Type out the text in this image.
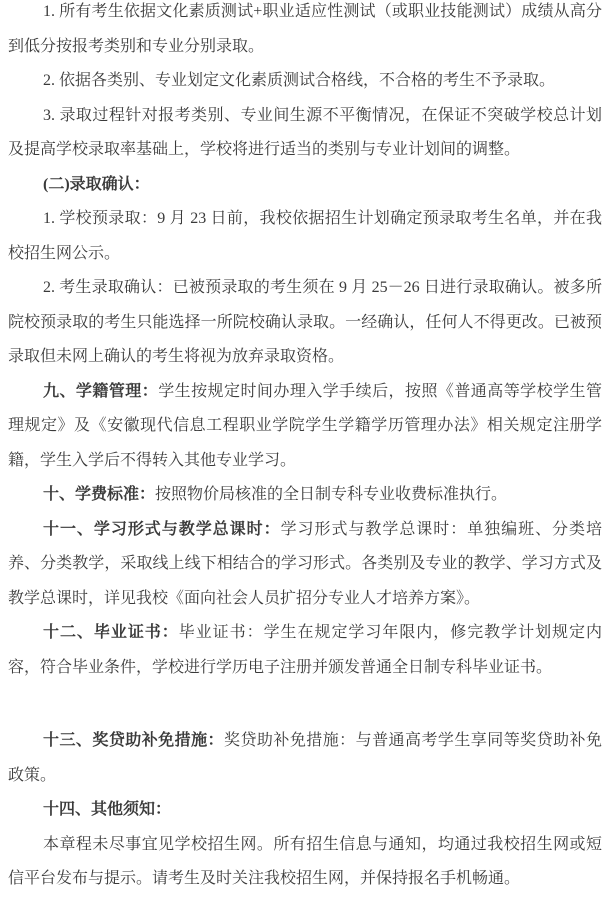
1. 所有考生依据文化素质测试+职业适应性测试（或职业技能测试）成绩从高分到低分按报考类别和专业分别录取。

2. 依据各类别、专业划定文化素质测试合格线，不合格的考生不予录取。

3. 录取过程针对报考类别、专业间生源不平衡情况，在保证不突破学校总计划及提高学校录取率基础上，学校将进行适当的类别与专业计划间的调整。

(二)录取确认：

1. 学校预录取：9 月 23 日前，我校依据招生计划确定预录取考生名单，并在我校招生网公示。

2. 考生录取确认：已被预录取的考生须在 9 月 25－26 日进行录取确认。被多所院校预录取的考生只能选择一所院校确认录取。一经确认，任何人不得更改。已被预录取但未网上确认的考生将视为放弃录取资格。

九、学籍管理：学生按规定时间办理入学手续后，按照《普通高等学校学生管理规定》及《安徽现代信息工程职业学院学生学籍学历管理办法》相关规定注册学籍，学生入学后不得转入其他专业学习。

十、学费标准：按照物价局核准的全日制专科专业收费标准执行。

十一、学习形式与教学总课时：学习形式与教学总课时：单独编班、分类培养、分类教学，采取线上线下相结合的学习形式。各类别及专业的教学、学习方式及教学总课时，详见我校《面向社会人员扩招分专业人才培养方案》。

十二、毕业证书：毕业证书：学生在规定学习年限内，修完教学计划规定内容，符合毕业条件，学校进行学历电子注册并颁发普通全日制专科毕业证书。

十三、奖贷助补免措施：奖贷助补免措施：与普通高考学生享同等奖贷助补免政策。

十四、其他须知：

本章程未尽事宜见学校招生网。所有招生信息与通知，均通过我校招生网或短信平台发布与提示。请考生及时关注我校招生网，并保持报名手机畅通。
